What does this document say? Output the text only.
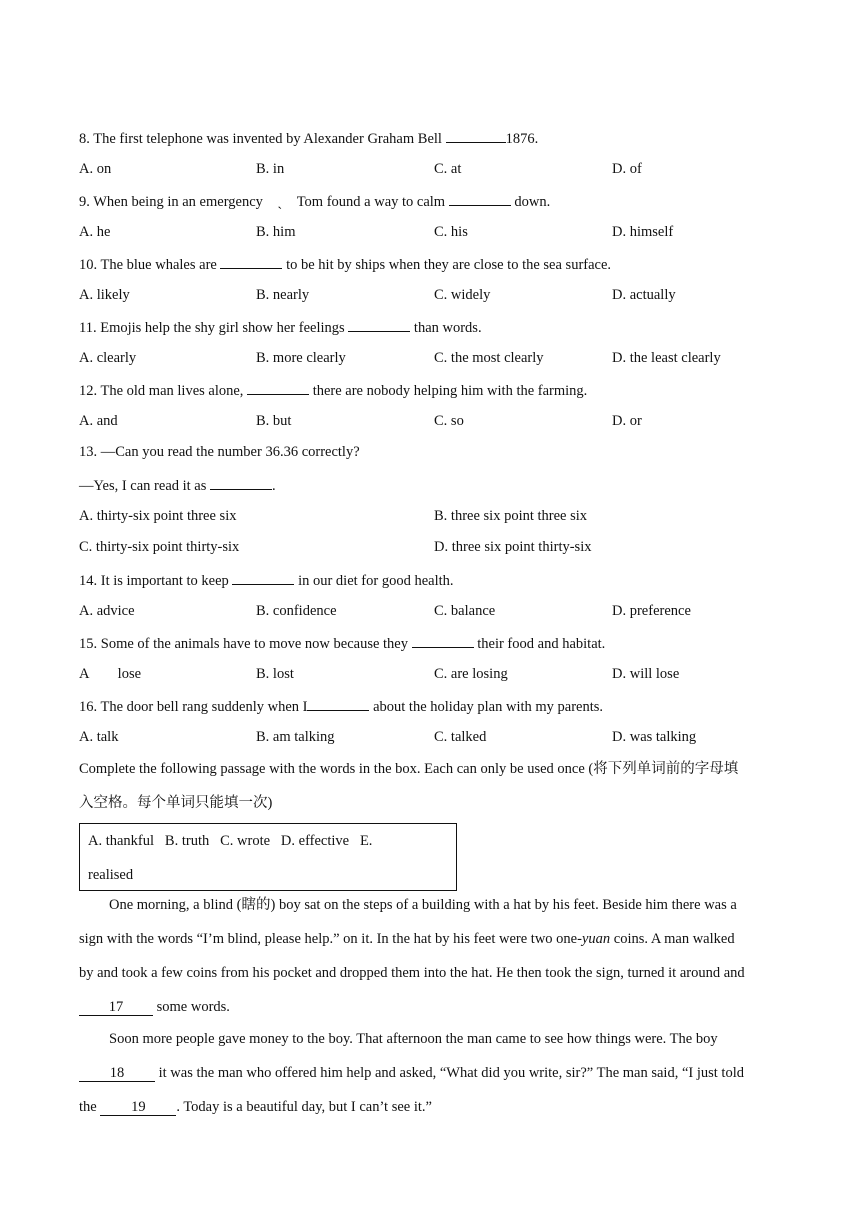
8. The first telephone was invented by Alexander Graham Bell	1876.
A. on	B. in	C. at	D. of
9. When being in an emergency　ˎ　Tom found a way to calm	down.
A. he	B. him	C. his	D. himself
10. The blue whales are	to be hit by ships when they are close to the sea surface.
A. likely	B. nearly	C. widely	D. actually
11. Emojis help the shy girl show her feelings	than words.
A. clearly	B. more clearly	C. the most clearly	D. the least clearly
12. The old man lives alone,	there are nobody helping him with the farming.
A. and	B. but	C. so	D. or
13. —Can you read the number 36.36 correctly?
—Yes, I can read it as	.
A. thirty-six point three six	B. three six point three six
C. thirty-six point thirty-six	D. three six point thirty-six
14. It is important to keep	in our diet for good health.
A. advice	B. confidence	C. balance	D. preference
15. Some of the animals have to move now because they	their food and habitat.
A　　lose	B. lost	C. are losing	D. will lose
16. The door bell rang suddenly when I	about the holiday plan with my parents.
A. talk	B. am talking	C. talked	D. was talking
Complete the following passage with the words in the box. Each can only be used once (将下列单词前的字母填
入空格。每个单词只能填一次)
A. thankful   B. truth   C. wrote   D. effective   E.
realised
One morning, a blind (瞎的) boy sat on the steps of a building with a hat by his feet. Beside him there was a
sign with the words “I’m blind, please help.” on it. In the hat by his feet were two one-yuan coins. A man walked
by and took a few coins from his pocket and dropped them into the hat. He then took the sign, turned it around and
17 some words.
Soon more people gave money to the boy. That afternoon the man came to see how things were. The boy
18 it was the man who offered him help and asked, “What did you write, sir?” The man said, “I just told
the 19 . Today is a beautiful day, but I can’t see it.”
